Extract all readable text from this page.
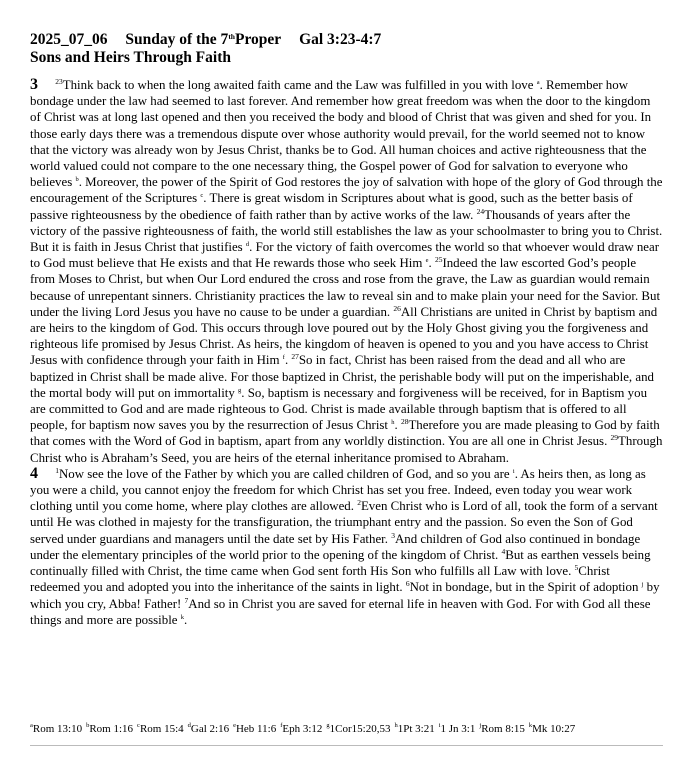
2025_07_06 Sunday of the 7thProper Gal 3:23-4:7
Sons and Heirs Through Faith

3 $^{23}$Think back to when the long awaited faith came and the Law was fulfilled in you with love $^a$. Remember how bondage under the law had seemed to last forever. And remember how great freedom was when the door to the kingdom of Christ was at long last opened and then you received the body and blood of Christ that was given and shed for you. In those early days there was a tremendous dispute over whose authority would prevail, for the world seemed not to know that the victory was already won by Jesus Christ, thanks be to God. All human choices and active righteousness that the world valued could not compare to the one necessary thing, the Gospel power of God for salvation to everyone who believes $^b$. Moreover, the power of the Spirit of God restores the joy of salvation with hope of the glory of God through the encouragement of the Scriptures $^c$. There is great wisdom in Scriptures about what is good, such as the better basis of passive righteousness by the obedience of faith rather than by active works of the law. $^{24}$Thousands of years after the victory of the passive righteousness of faith, the world still establishes the law as your schoolmaster to bring you to Christ. But it is faith in Jesus Christ that justifies $^d$. For the victory of faith overcomes the world so that whoever would draw near to God must believe that He exists and that He rewards those who seek Him $^e$. $^{25}$Indeed the law escorted God’s people from Moses to Christ, but when Our Lord endured the cross and rose from the grave, the Law as guardian would remain because of unrepentant sinners. Christianity practices the law to reveal sin and to make plain your need for the Savior. But under the living Lord Jesus you have no cause to be under a guardian. $^{26}$All Christians are united in Christ by baptism and are heirs to the kingdom of God. This occurs through love poured out by the Holy Ghost giving you the forgiveness and righteous life promised by Jesus Christ. As heirs, the kingdom of heaven is opened to you and you have access to Christ Jesus with confidence through your faith in Him $^f$. $^{27}$So in fact, Christ has been raised from the dead and all who are baptized in Christ shall be made alive. For those baptized in Christ, the perishable body will put on the imperishable, and the mortal body will put on immortality $^g$. So, baptism is necessary and forgiveness will be received, for in Baptism you are committed to God and are made righteous to God. Christ is made available through baptism that is offered to all people, for baptism now saves you by the resurrection of Jesus Christ $^h$. $^{28}$Therefore you are made pleasing to God by faith that comes with the Word of God in baptism, apart from any worldly distinction. You are all one in Christ Jesus. $^{29}$Through Christ who is Abraham’s Seed, you are heirs of the eternal inheritance promised to Abraham.

4 $^1$Now see the love of the Father by which you are called children of God, and so you are $^i$. As heirs then, as long as you were a child, you cannot enjoy the freedom for which Christ has set you free. Indeed, even today you wear work clothing until you come home, where play clothes are allowed. $^2$Even Christ who is Lord of all, took the form of a servant until He was clothed in majesty for the transfiguration, the triumphant entry and the passion. So even the Son of God served under guardians and managers until the date set by His Father. $^3$And children of God also continued in bondage under the elementary principles of the world prior to the opening of the kingdom of Christ. $^4$But as earthen vessels being continually filled with Christ, the time came when God sent forth His Son who fulfills all Law with love. $^5$Christ redeemed you and adopted you into the inheritance of the saints in light. $^6$Not in bondage, but in the Spirit of adoption $^j$ by which you cry, Abba! Father! $^7$And so in Christ you are saved for eternal life in heaven with God. For with God all these things and more are possible $^k$.

$^a$Rom 13:10 $^b$Rom 1:16 $^c$Rom 15:4 $^d$Gal 2:16 $^e$Heb 11:6 $^f$Eph 3:12 $^g$1Cor15:20,53 $^h$1Pt 3:21 $^i$1 Jn 3:1 $^j$Rom 8:15 $^k$Mk 10:27
